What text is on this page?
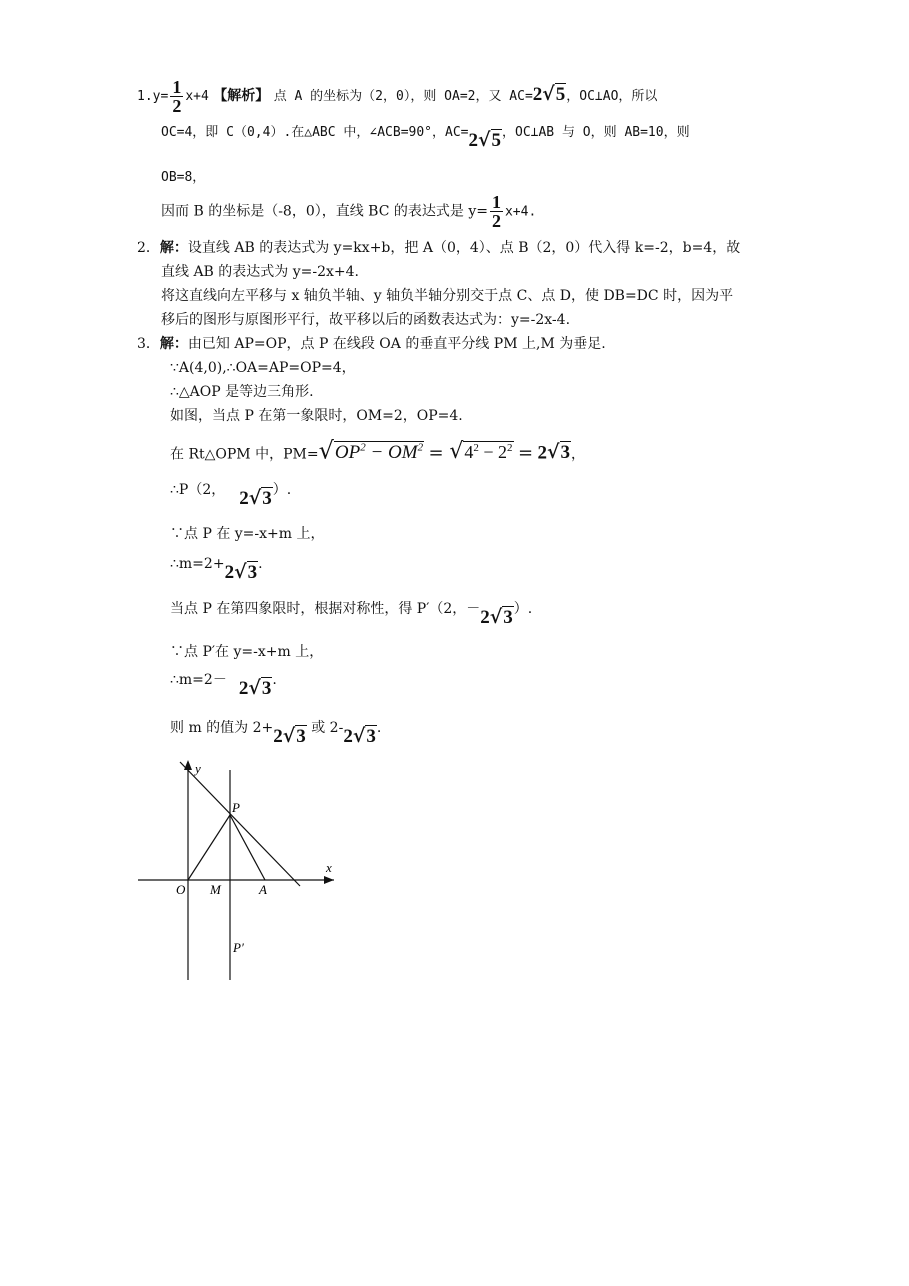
$1.y= \frac{1}{2} x+4$ 【解析】 点 A 的坐标为（2，0），则 OA=2，又 AC=2√5，OC⊥AO，所以
OC=4，即 C（0,4）.在△ABC 中，∠ACB=90°，AC=2√5，OC⊥AB 与 O，则 AB=10，则
OB=8，
因而 B 的坐标是（-8，0），直线 BC 的表达式是 $y= \frac{1}{2} x+4$.
2．解：设直线 AB 的表达式为 y=kx+b，把 A（0，4）、点 B（2，0）代入得 k=-2，b=4，故
直线 AB 的表达式为 y=-2x+4.
将这直线向左平移与 x 轴负半轴、y 轴负半轴分别交于点 C、点 D，使 DB=DC 时，因为平
移后的图形与原图形平行，故平移以后的函数表达式为：y=-2x-4.
3．解：由已知 AP=OP，点 P 在线段 OA 的垂直平分线 PM 上,M 为垂足.
∵A(4,0),∴OA=AP=OP=4，
∴△AOP 是等边三角形.
如图，当点 P 在第一象限时，OM=2，OP=4.
在 Rt△OPM 中，$PM=√OP^2 - OM^2 = √4^2 - 2^2 = 2√3$，
∴P（2， 2√3）.
∵点 P 在 y=-x+m 上，
∴m=2+2√3.
当点 P 在第四象限时，根据对称性，得 P′（2，－2√3）.
∵点 P′在 y=-x+m 上，
∴m=2－ 2√3.
则 m 的值为 2+2√3 或 2-2√3.
y
x
P
O M	A
P′
